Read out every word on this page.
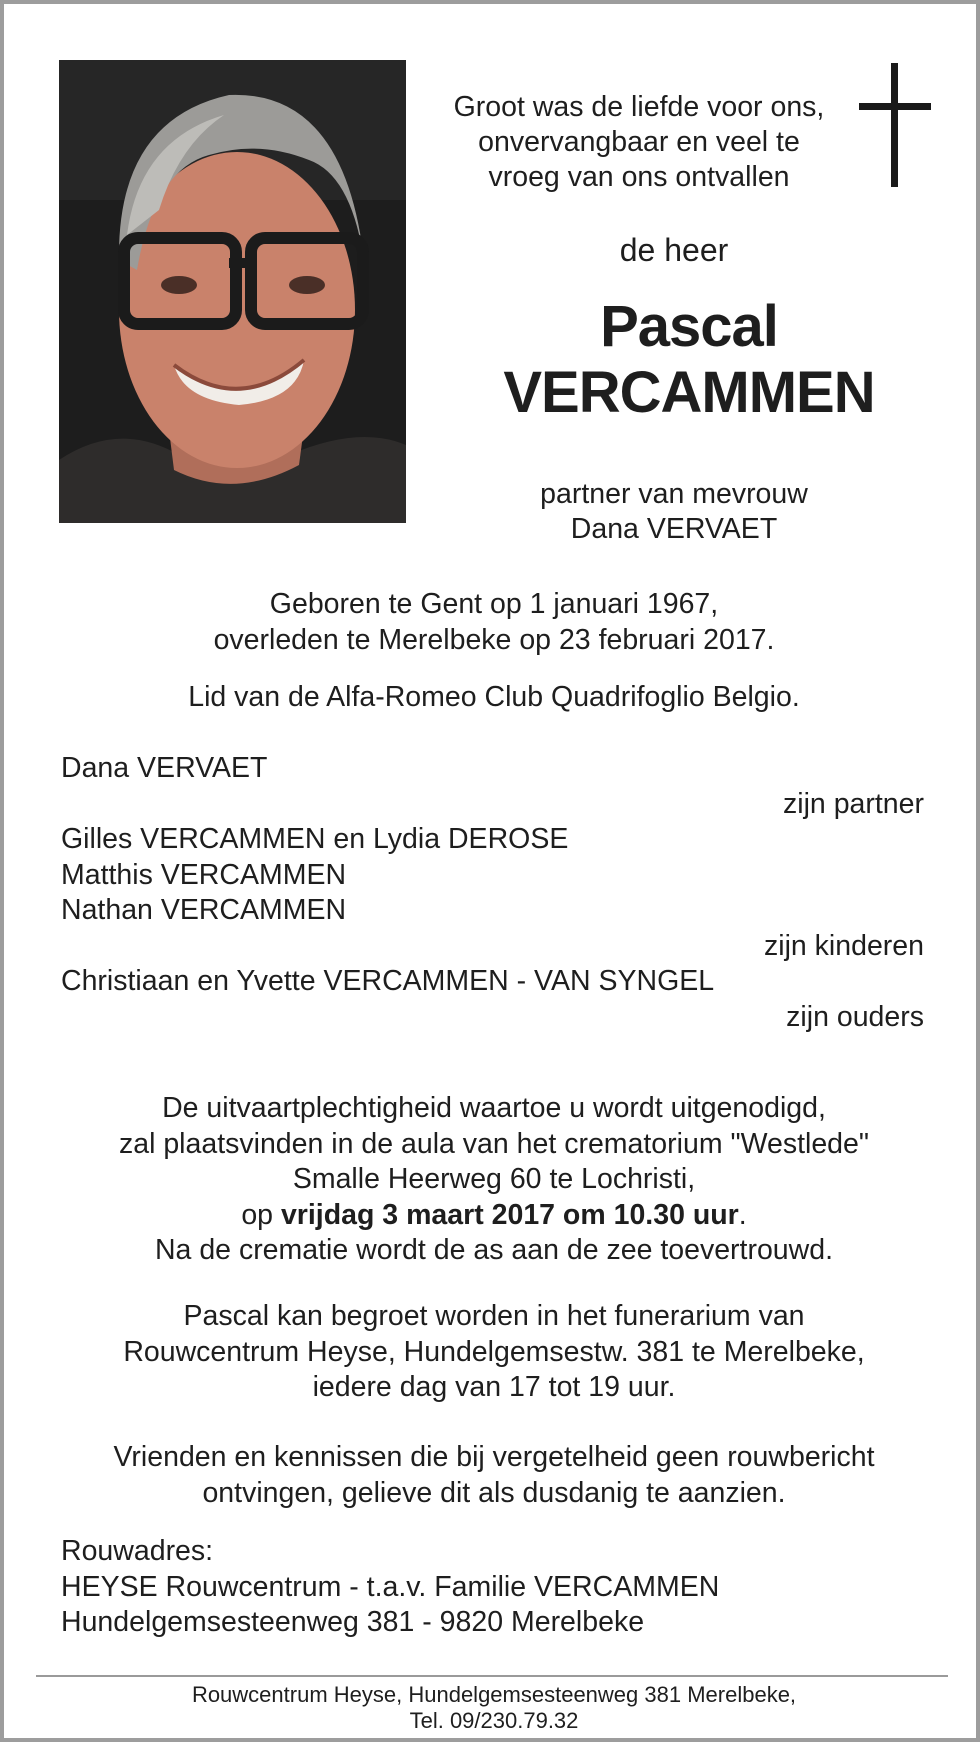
Groot was de liefde voor ons,
onvervangbaar en veel te
vroeg van ons ontvallen
de heer
Pascal
VERCAMMEN
partner van mevrouw
Dana VERVAET
Geboren te Gent op 1 januari 1967,
overleden te Merelbeke op 23 februari 2017.
Lid van de Alfa-Romeo Club Quadrifoglio Belgio.
Dana VERVAET
zijn partner
Gilles VERCAMMEN en Lydia DEROSE
Matthis VERCAMMEN
Nathan VERCAMMEN
zijn kinderen
Christiaan en Yvette VERCAMMEN - VAN SYNGEL
zijn ouders
De uitvaartplechtigheid waartoe u wordt uitgenodigd,
zal plaatsvinden in de aula van het crematorium "Westlede"
Smalle Heerweg 60 te Lochristi,
op vrijdag 3 maart 2017 om 10.30 uur.
Na de crematie wordt de as aan de zee toevertrouwd.
Pascal kan begroet worden in het funerarium van
Rouwcentrum Heyse, Hundelgemsestw. 381 te Merelbeke,
iedere dag van 17 tot 19 uur.
Vrienden en kennissen die bij vergetelheid geen rouwbericht
ontvingen, gelieve dit als dusdanig te aanzien.
Rouwadres:
HEYSE Rouwcentrum - t.a.v. Familie VERCAMMEN
Hundelgemsesteenweg 381 - 9820 Merelbeke
Rouwcentrum Heyse, Hundelgemsesteenweg 381 Merelbeke,
Tel. 09/230.79.32
